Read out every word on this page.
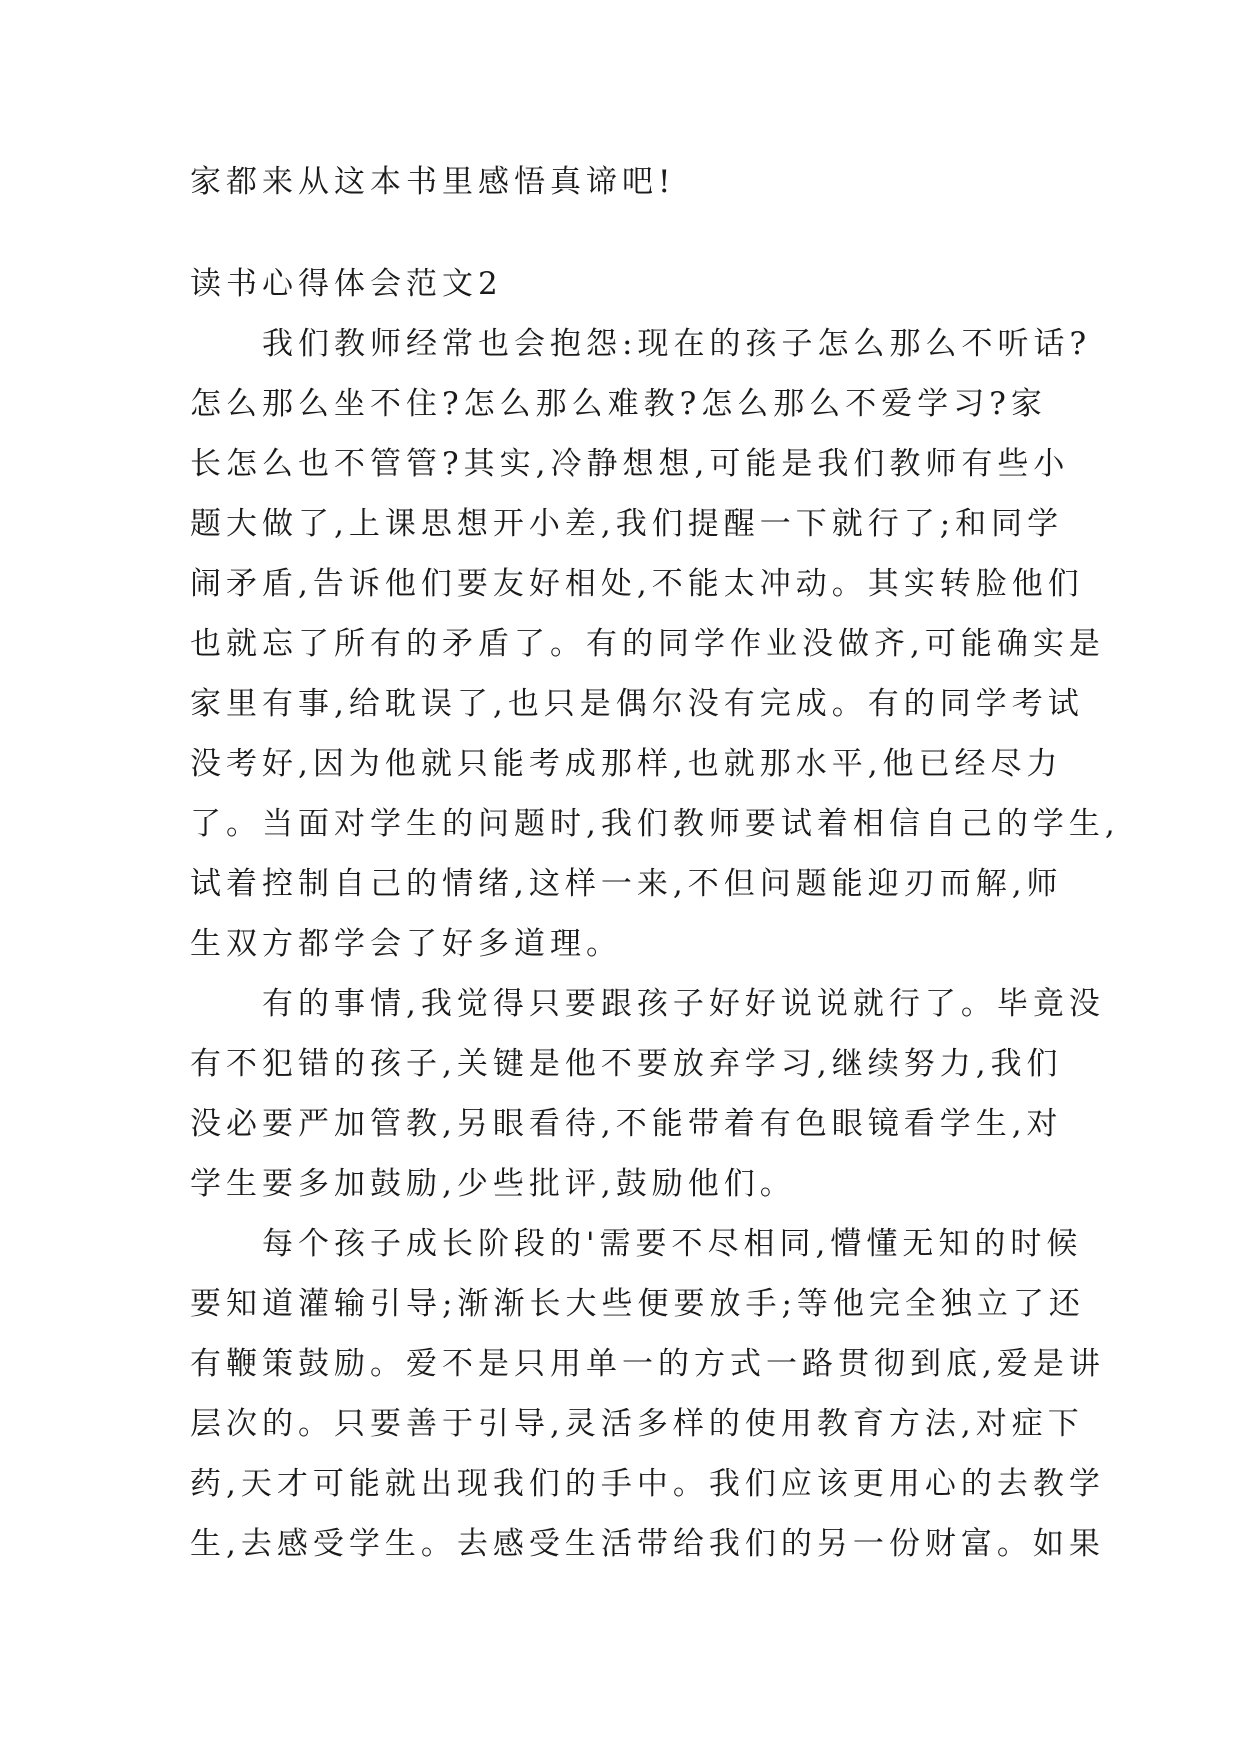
家都来从这本书里感悟真谛吧!
读书心得体会范文2
我们教师经常也会抱怨:现在的孩子怎么那么不听话?
怎么那么坐不住?怎么那么难教?怎么那么不爱学习?家
长怎么也不管管?其实,冷静想想,可能是我们教师有些小
题大做了,上课思想开小差,我们提醒一下就行了;和同学
闹矛盾,告诉他们要友好相处,不能太冲动。其实转脸他们
也就忘了所有的矛盾了。有的同学作业没做齐,可能确实是
家里有事,给耽误了,也只是偶尔没有完成。有的同学考试
没考好,因为他就只能考成那样,也就那水平,他已经尽力
了。当面对学生的问题时,我们教师要试着相信自己的学生,
试着控制自己的情绪,这样一来,不但问题能迎刃而解,师
生双方都学会了好多道理。
有的事情,我觉得只要跟孩子好好说说就行了。毕竟没
有不犯错的孩子,关键是他不要放弃学习,继续努力,我们
没必要严加管教,另眼看待,不能带着有色眼镜看学生,对
学生要多加鼓励,少些批评,鼓励他们。
每个孩子成长阶段的'需要不尽相同,懵懂无知的时候
要知道灌输引导;渐渐长大些便要放手;等他完全独立了还
有鞭策鼓励。爱不是只用单一的方式一路贯彻到底,爱是讲
层次的。只要善于引导,灵活多样的使用教育方法,对症下
药,天才可能就出现我们的手中。我们应该更用心的去教学
生,去感受学生。去感受生活带给我们的另一份财富。如果
